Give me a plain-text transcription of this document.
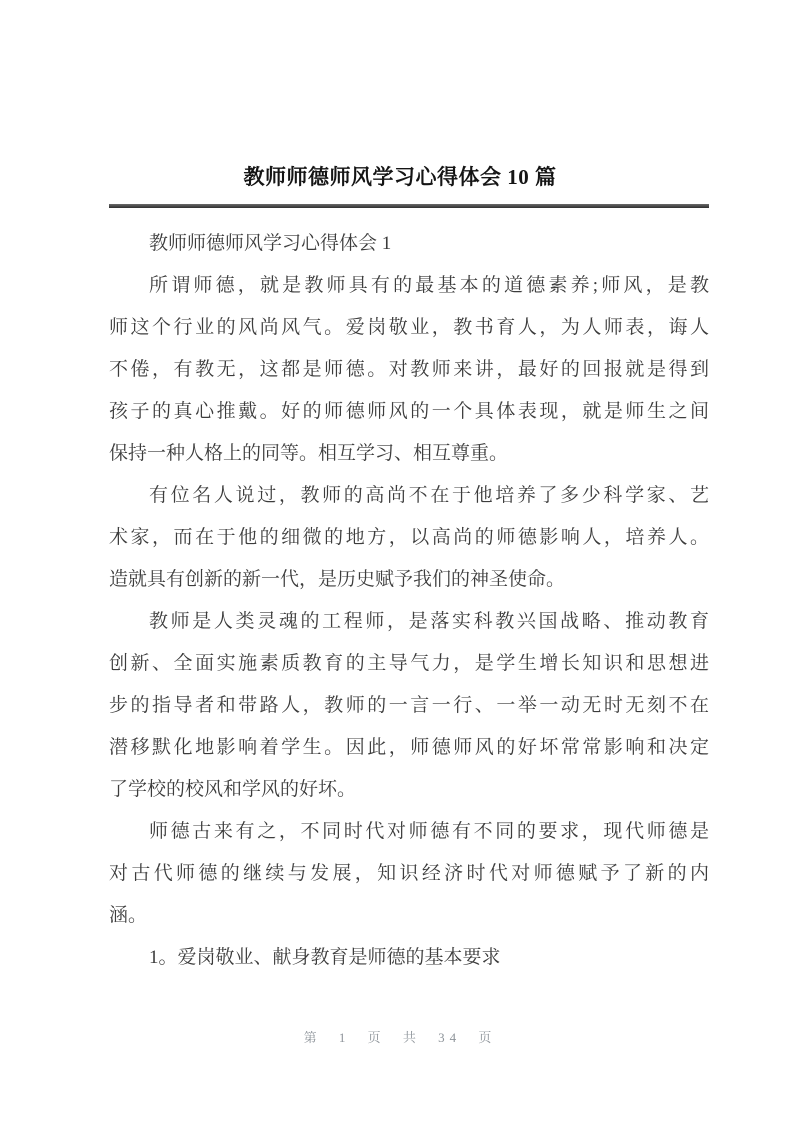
教师师德师风学习心得体会 10 篇
教师师德师风学习心得体会 1
所谓师德，就是教师具有的最基本的道德素养;师风，是教
师这个行业的风尚风气。爱岗敬业，教书育人，为人师表，诲人
不倦，有教无，这都是师德。对教师来讲，最好的回报就是得到
孩子的真心推戴。好的师德师风的一个具体表现，就是师生之间
保持一种人格上的同等。相互学习、相互尊重。
有位名人说过，教师的高尚不在于他培养了多少科学家、艺
术家，而在于他的细微的地方，以高尚的师德影响人，培养人。
造就具有创新的新一代，是历史赋予我们的神圣使命。
教师是人类灵魂的工程师，是落实科教兴国战略、推动教育
创新、全面实施素质教育的主导气力，是学生增长知识和思想进
步的指导者和带路人，教师的一言一行、一举一动无时无刻不在
潜移默化地影响着学生。因此，师德师风的好坏常常影响和决定
了学校的校风和学风的好坏。
师德古来有之，不同时代对师德有不同的要求，现代师德是
对古代师德的继续与发展，知识经济时代对师德赋予了新的内
涵。
1。爱岗敬业、献身教育是师德的基本要求
第 1 页 共 34 页
